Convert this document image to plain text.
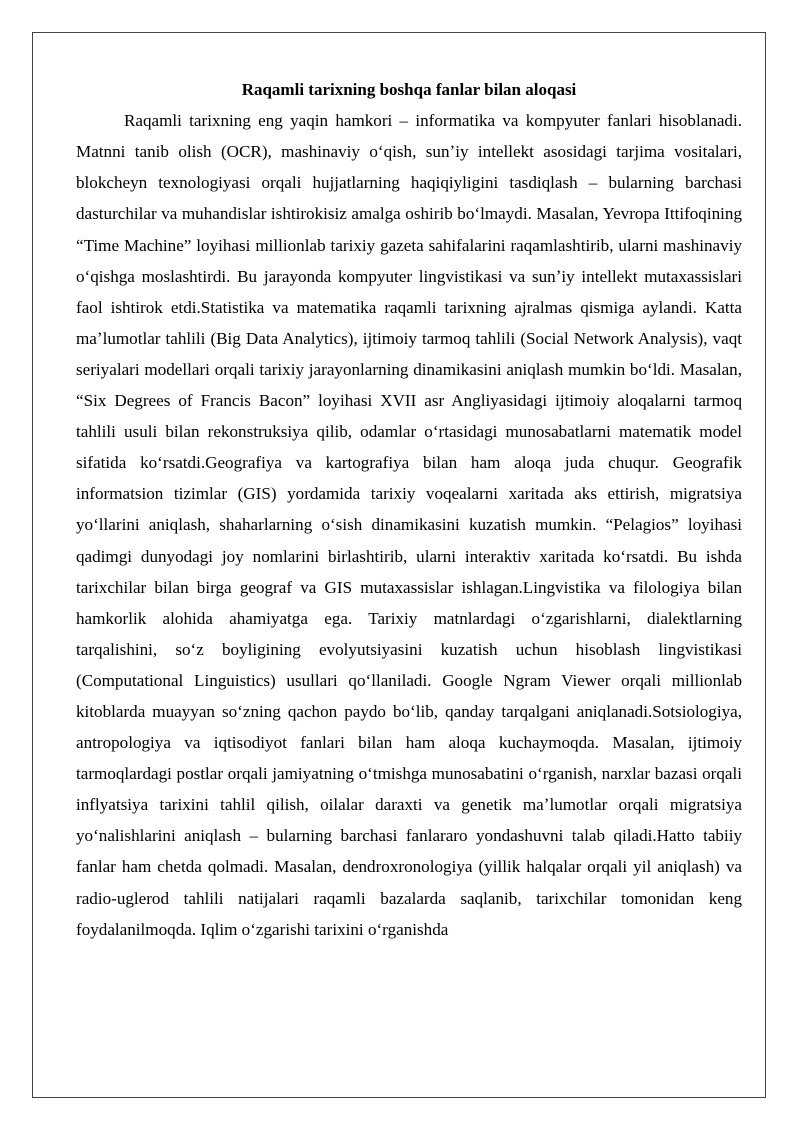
Raqamli tarixning boshqa fanlar bilan aloqasi

Raqamli tarixning eng yaqin hamkori – informatika va kompyuter fanlari hisoblanadi. Matnni tanib olish (OCR), mashinaviy oʻqish, sunʼiy intellekt asosidagi tarjima vositalari, blokcheyn texnologiyasi orqali hujjatlarning haqiqiyligini tasdiqlash – bularning barchasi dasturchilar va muhandislar ishtirokisiz amalga oshirib boʻlmaydi. Masalan, Yevropa Ittifoqining “Time Machine” loyihasi millionlab tarixiy gazeta sahifalarini raqamlashtirib, ularni mashinaviy oʻqishga moslashtirdi. Bu jarayonda kompyuter lingvistikasi va sunʼiy intellekt mutaxassislari faol ishtirok etdi.Statistika va matematika raqamli tarixning ajralmas qismiga aylandi. Katta maʼlumotlar tahlili (Big Data Analytics), ijtimoiy tarmoq tahlili (Social Network Analysis), vaqt seriyalari modellari orqali tarixiy jarayonlarning dinamikasini aniqlash mumkin boʻldi. Masalan, “Six Degrees of Francis Bacon” loyihasi XVII asr Angliyasidagi ijtimoiy aloqalarni tarmoq tahlili usuli bilan rekonstruksiya qilib, odamlar oʻrtasidagi munosabatlarni matematik model sifatida koʻrsatdi.Geografiya va kartografiya bilan ham aloqa juda chuqur. Geografik informatsion tizimlar (GIS) yordamida tarixiy voqealarni xaritada aks ettirish, migratsiya yoʻllarini aniqlash, shaharlarning oʻsish dinamikasini kuzatish mumkin. “Pelagios” loyihasi qadimgi dunyodagi joy nomlarini birlashtirib, ularni interaktiv xaritada koʻrsatdi. Bu ishda tarixchilar bilan birga geograf va GIS mutaxassislar ishlagan.Lingvistika va filologiya bilan hamkorlik alohida ahamiyatga ega. Tarixiy matnlardagi oʻzgarishlarni, dialektlarning tarqalishini, soʻz boyligining evolyutsiyasini kuzatish uchun hisoblash lingvistikasi (Computational Linguistics) usullari qoʻllaniladi. Google Ngram Viewer orqali millionlab kitoblarda muayyan soʻzning qachon paydo boʻlib, qanday tarqalgani aniqlanadi.Sotsiologiya, antropologiya va iqtisodiyot fanlari bilan ham aloqa kuchaymoqda. Masalan, ijtimoiy tarmoqlardagi postlar orqali jamiyatning oʻtmishga munosabatini oʻrganish, narxlar bazasi orqali inflyatsiya tarixini tahlil qilish, oilalar daraxti va genetik maʼlumotlar orqali migratsiya yoʻnalishlarini aniqlash – bularning barchasi fanlararo yondashuvni talab qiladi.Hatto tabiiy fanlar ham chetda qolmadi. Masalan, dendroxronologiya (yillik halqalar orqali yil aniqlash) va radio-uglerod tahlili natijalari raqamli bazalarda saqlanib, tarixchilar tomonidan keng foydalanilmoqda. Iqlim oʻzgarishi tarixini oʻrganishda
